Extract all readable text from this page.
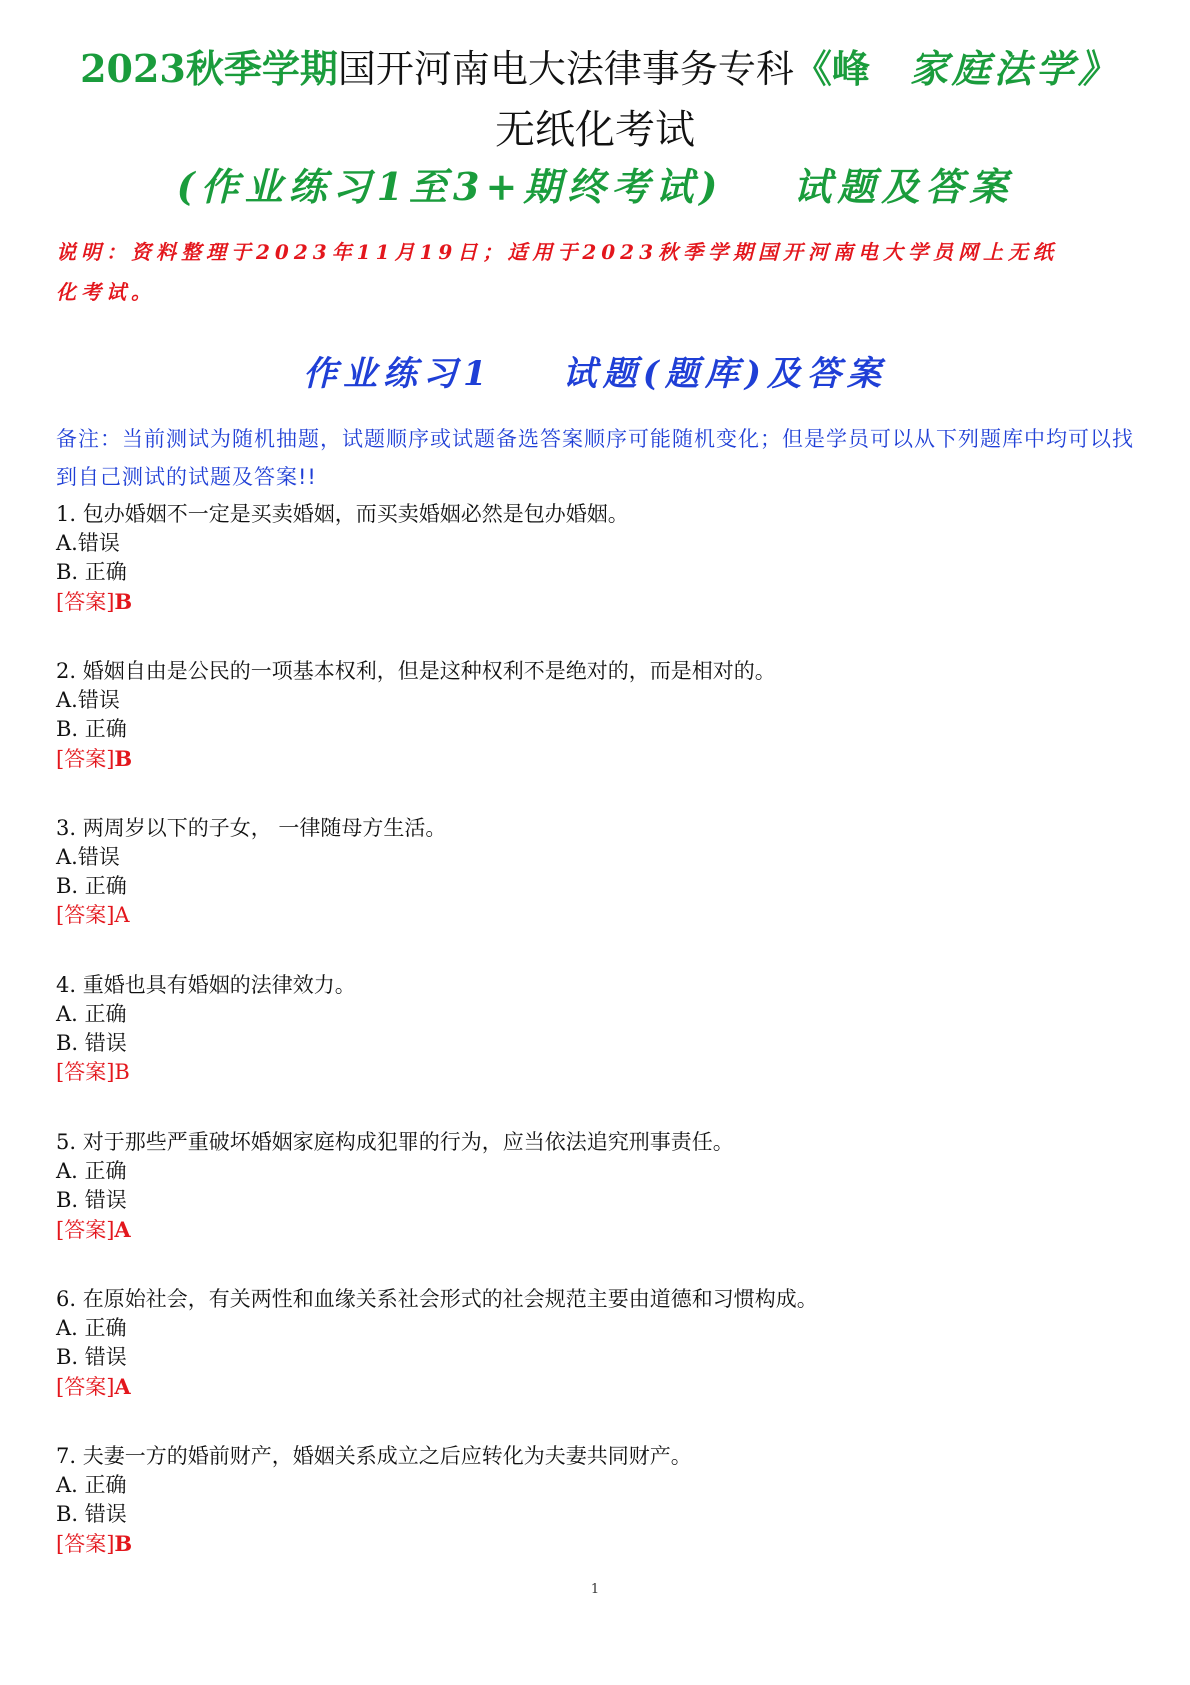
2023秋季学期国开河南电大法律事务专科《峰 家庭法学》
无纸化考试
(作业练习1至3+期终考试) 试题及答案
说明：资料整理于2023年11月19日；适用于2023秋季学期国开河南电大学员网上无纸
化考试。
作业练习1 试题(题库)及答案
备注：当前测试为随机抽题，试题顺序或试题备选答案顺序可能随机变化；但是学员可以从下列题库中均可以找到自己测试的试题及答案!!
1. 包办婚姻不一定是买卖婚姻，而买卖婚姻必然是包办婚姻。
A.错误
B. 正确
[答案]B
2. 婚姻自由是公民的一项基本权利，但是这种权利不是绝对的，而是相对的。
A.错误
B. 正确
[答案]B
3. 两周岁以下的子女， 一律随母方生活。
A.错误
B. 正确
[答案]A
4. 重婚也具有婚姻的法律效力。
A. 正确
B. 错误
[答案]B
5. 对于那些严重破坏婚姻家庭构成犯罪的行为，应当依法追究刑事责任。
A. 正确
B. 错误
[答案]A
6. 在原始社会，有关两性和血缘关系社会形式的社会规范主要由道德和习惯构成。
A. 正确
B. 错误
[答案]A
7. 夫妻一方的婚前财产，婚姻关系成立之后应转化为夫妻共同财产。
A. 正确
B. 错误
[答案]B
1
